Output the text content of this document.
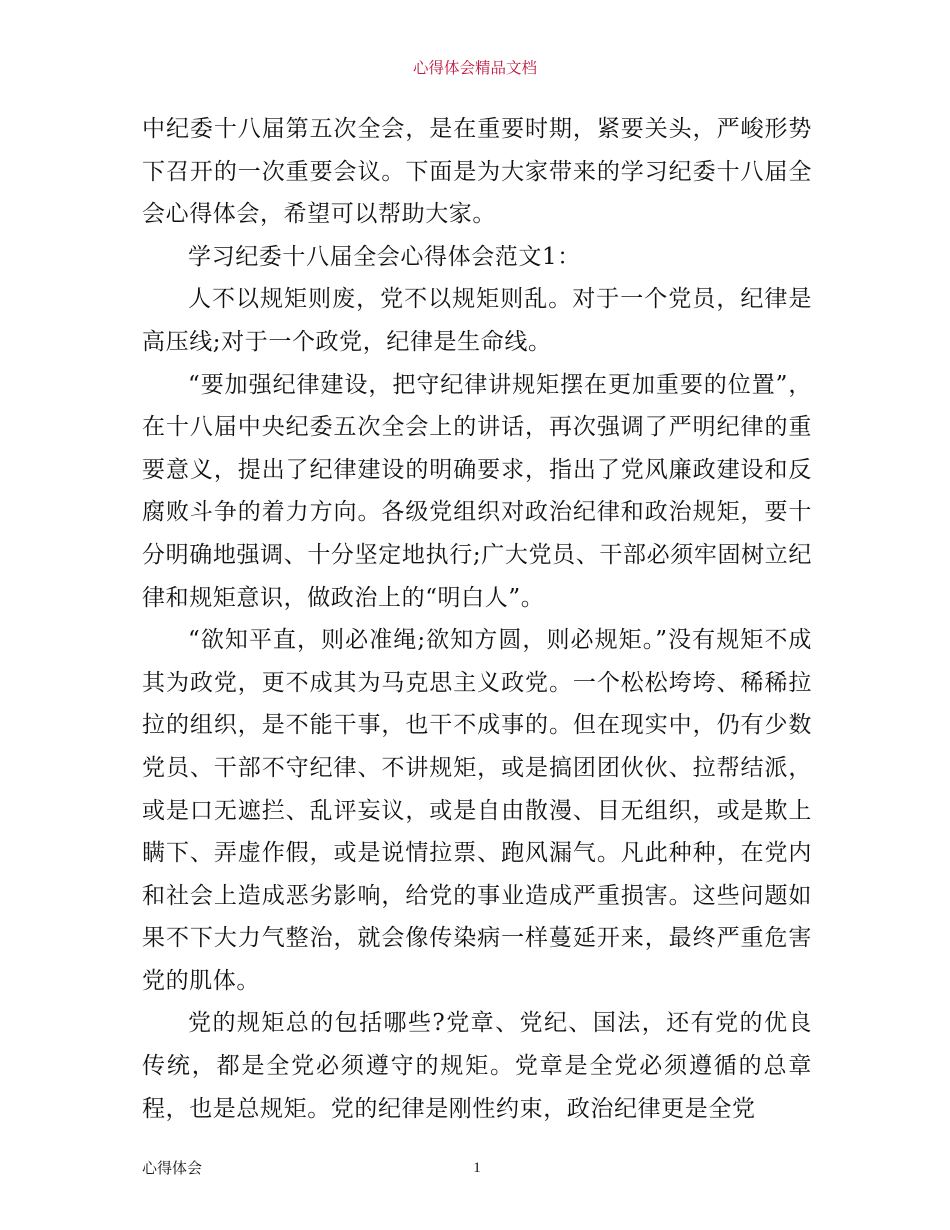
心得体会精品文档

中纪委十八届第五次全会，是在重要时期，紧要关头，严峻形势下召开的一次重要会议。下面是为大家带来的学习纪委十八届全会心得体会，希望可以帮助大家。

学习纪委十八届全会心得体会范文1：

人不以规矩则废，党不以规矩则乱。对于一个党员，纪律是高压线;对于一个政党，纪律是生命线。

“要加强纪律建设，把守纪律讲规矩摆在更加重要的位置”，在十八届中央纪委五次全会上的讲话，再次强调了严明纪律的重要意义，提出了纪律建设的明确要求，指出了党风廉政建设和反腐败斗争的着力方向。各级党组织对政治纪律和政治规矩，要十分明确地强调、十分坚定地执行;广大党员、干部必须牢固树立纪律和规矩意识，做政治上的“明白人”。

“欲知平直，则必准绳;欲知方圆，则必规矩。”没有规矩不成其为政党，更不成其为马克思主义政党。一个松松垮垮、稀稀拉拉的组织，是不能干事，也干不成事的。但在现实中，仍有少数党员、干部不守纪律、不讲规矩，或是搞团团伙伙、拉帮结派，或是口无遮拦、乱评妄议，或是自由散漫、目无组织，或是欺上瞒下、弄虚作假，或是说情拉票、跑风漏气。凡此种种，在党内和社会上造成恶劣影响，给党的事业造成严重损害。这些问题如果不下大力气整治，就会像传染病一样蔓延开来，最终严重危害党的肌体。

党的规矩总的包括哪些?党章、党纪、国法，还有党的优良传统，都是全党必须遵守的规矩。党章是全党必须遵循的总章程，也是总规矩。党的纪律是刚性约束，政治纪律更是全党

1
心得体会
